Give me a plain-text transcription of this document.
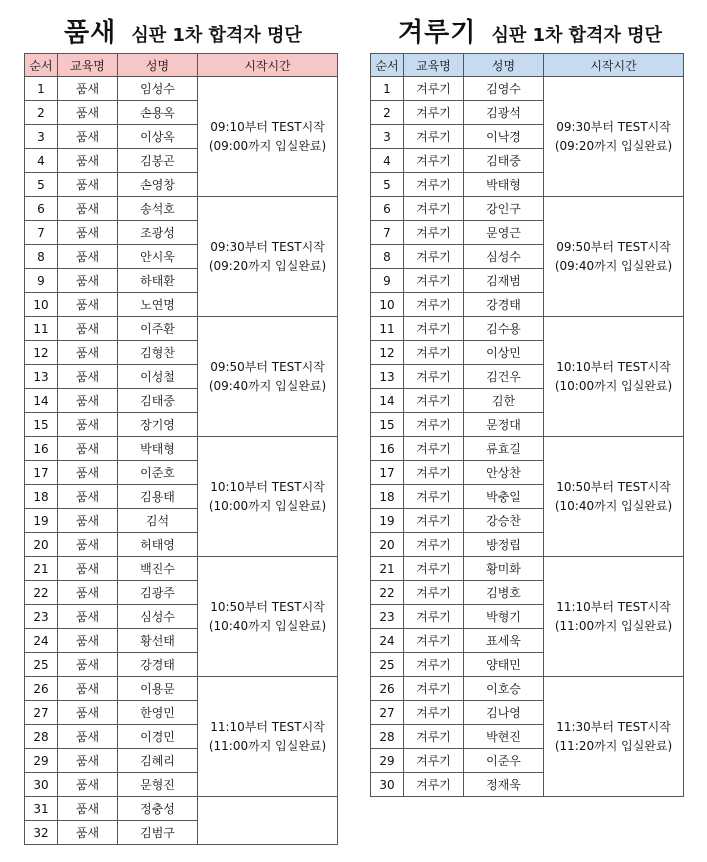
품새 심판 1차 합격자 명단
순서	교육명	성명	시작시간
1	품새	임성수	09:10부터 TEST시작
(09:00까지 입실완료)

2	품새	손용옥	
3	품새	이상옥	
4	품새	김봉곤	
5	품새	손영창	
6	품새	송석호	09:30부터 TEST시작
(09:20까지 입실완료)

7	품새	조광성	
8	품새	안시욱	
9	품새	하태환	
10	품새	노연명	
11	품새	이주환	09:50부터 TEST시작
(09:40까지 입실완료)

12	품새	김형찬	
13	품새	이성철	
14	품새	김태중	
15	품새	장기영	
16	품새	박태형	10:10부터 TEST시작
(10:00까지 입실완료)

17	품새	이준호	
18	품새	김용태	
19	품새	김석	
20	품새	허태영	
21	품새	백진수	10:50부터 TEST시작
(10:40까지 입실완료)

22	품새	김광주	
23	품새	심성수	
24	품새	황선태	
25	품새	강경태	
26	품새	이용문	11:10부터 TEST시작
(11:00까지 입실완료)

27	품새	한영민	
28	품새	이경민	
29	품새	김혜리	
30	품새	문형진	
31	품새	정충성	

32	품새	김범구	
겨루기 심판 1차 합격자 명단
순서	교육명	성명	시작시간
1	겨루기	김영수	09:30부터 TEST시작
(09:20까지 입실완료)

2	겨루기	김광석	
3	겨루기	이낙경	
4	겨루기	김태중	
5	겨루기	박태형	
6	겨루기	강인구	09:50부터 TEST시작
(09:40까지 입실완료)

7	겨루기	문영근	
8	겨루기	심성수	
9	겨루기	김재범	
10	겨루기	강경태	
11	겨루기	김수용	10:10부터 TEST시작
(10:00까지 입실완료)

12	겨루기	이상민	
13	겨루기	김건우	
14	겨루기	김한	
15	겨루기	문정대	
16	겨루기	류효길	10:50부터 TEST시작
(10:40까지 입실완료)

17	겨루기	안상찬	
18	겨루기	박충일	
19	겨루기	강승찬	
20	겨루기	방정립	
21	겨루기	황미화	11:10부터 TEST시작
(11:00까지 입실완료)

22	겨루기	김병호	
23	겨루기	박형기	
24	겨루기	표세욱	
25	겨루기	양태민	
26	겨루기	이호승	11:30부터 TEST시작
(11:20까지 입실완료)

27	겨루기	김나영	
28	겨루기	박현진	
29	겨루기	이준우	
30	겨루기	정재욱	
